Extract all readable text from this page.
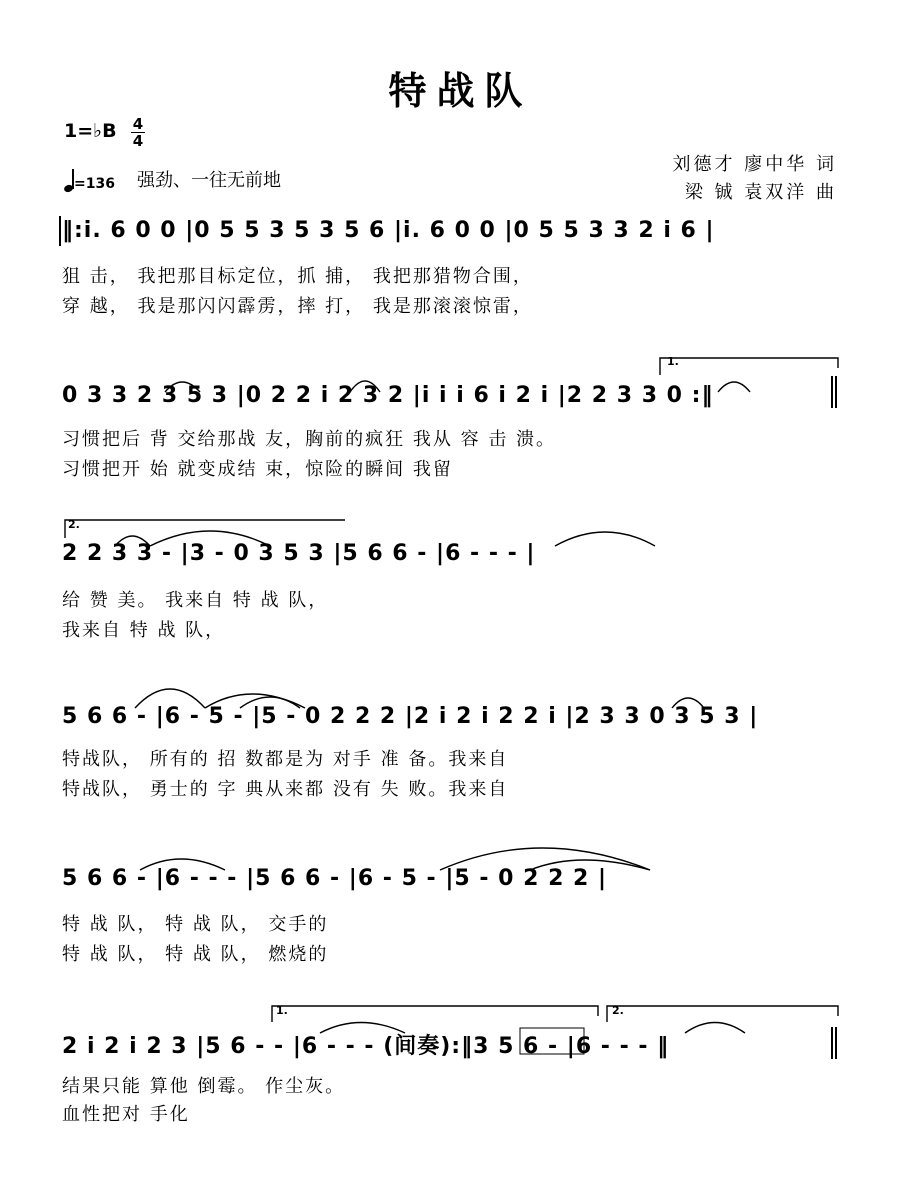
特战队
1=♭B 4
4
=136 强劲、一往无前地
刘德才 廖中华 词
梁 铖 袁双洋 曲
‖:i. 6 0 0 |0 5 5 3 5 3 5 6 |i. 6 0 0 |0 5 5 3 3 2 i 6 |
狙 击， 我把那目标定位，抓 捕， 我把那猎物合围，
穿 越， 我是那闪闪霹雳，摔 打， 我是那滚滚惊雷，
1.
0 3 3 2 3 5 3 |0 2 2 i 2 3 2 |i i i 6 i 2 i |2 2 3 3 0 :‖
习惯把后 背 交给那战 友，胸前的疯狂 我从 容 击 溃。
习惯把开 始 就变成结 束，惊险的瞬间 我留
2.
2 2 3 3 - |3 - 0 3 5 3 |5 6 6 - |6 - - - |
给 赞 美。 我来自 特 战 队，
我来自 特 战 队，
5 6 6 - |6 - 5 - |5 - 0 2 2 2 |2 i 2 i 2 2 i |2 3 3 0 3 5 3 |
特战队， 所有的 招 数都是为 对手 准 备。我来自
特战队， 勇士的 字 典从来都 没有 失 败。我来自
5 6 6 - |6 - - - |5 6 6 - |6 - 5 - |5 - 0 2 2 2 |
特 战 队， 特 战 队， 交手的
特 战 队， 特 战 队， 燃烧的
1.	2.
2 i 2 i 2 3 |5 6 - - |6 - - - (间奏):‖3 5 6 - |6 - - - ‖
结果只能 算他 倒霉。 作尘灰。
血性把对 手化
